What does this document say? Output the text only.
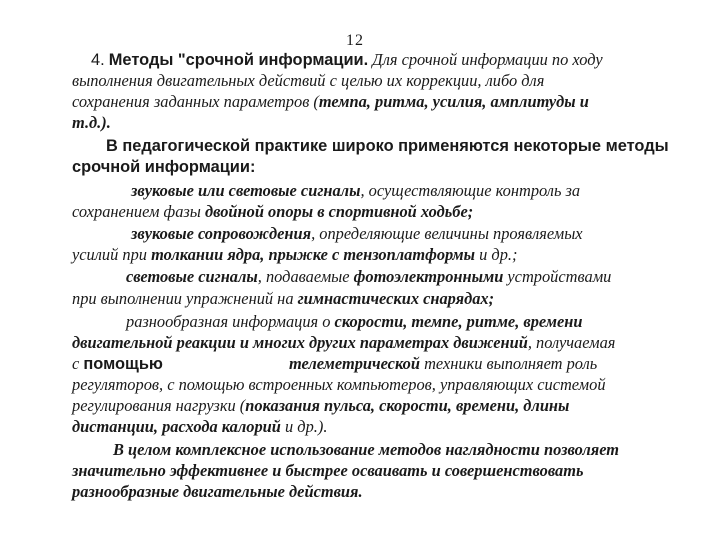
12
4. Методы "срочной информации. Для срочной информации по ходу
выполнения двигательных действий с целью их коррекции, либо для
сохранения заданных параметров (темпа, ритма, усилия, амплитуды и
т.д.).
В педагогической практике широко применяются некоторые методы
срочной информации:
звуковые или световые сигналы, осуществляющие контроль за
сохранением фазы двойной опоры в спортивной ходьбе;
звуковые сопровождения, определяющие величины проявляемых
усилий при толкании ядра, прыжке с тензоплатформы и др.;
световые сигналы, подаваемые фотоэлектронными устройствами
при выполнении упражнений на гимнастических снарядах;
разнообразная информация о скорости, темпе, ритме, времени
двигательной реакции и многих других параметрах движений, получаемая
с помощью	телеметрической техники выполняет роль
регуляторов, с помощью встроенных компьютеров, управляющих системой
регулирования нагрузки (показания пульса, скорости, времени, длины
дистанции, расхода калорий и др.).
В целом комплексное использование методов наглядности позволяет
значительно эффективнее и быстрее осваивать и совершенствовать
разнообразные двигательные действия.
